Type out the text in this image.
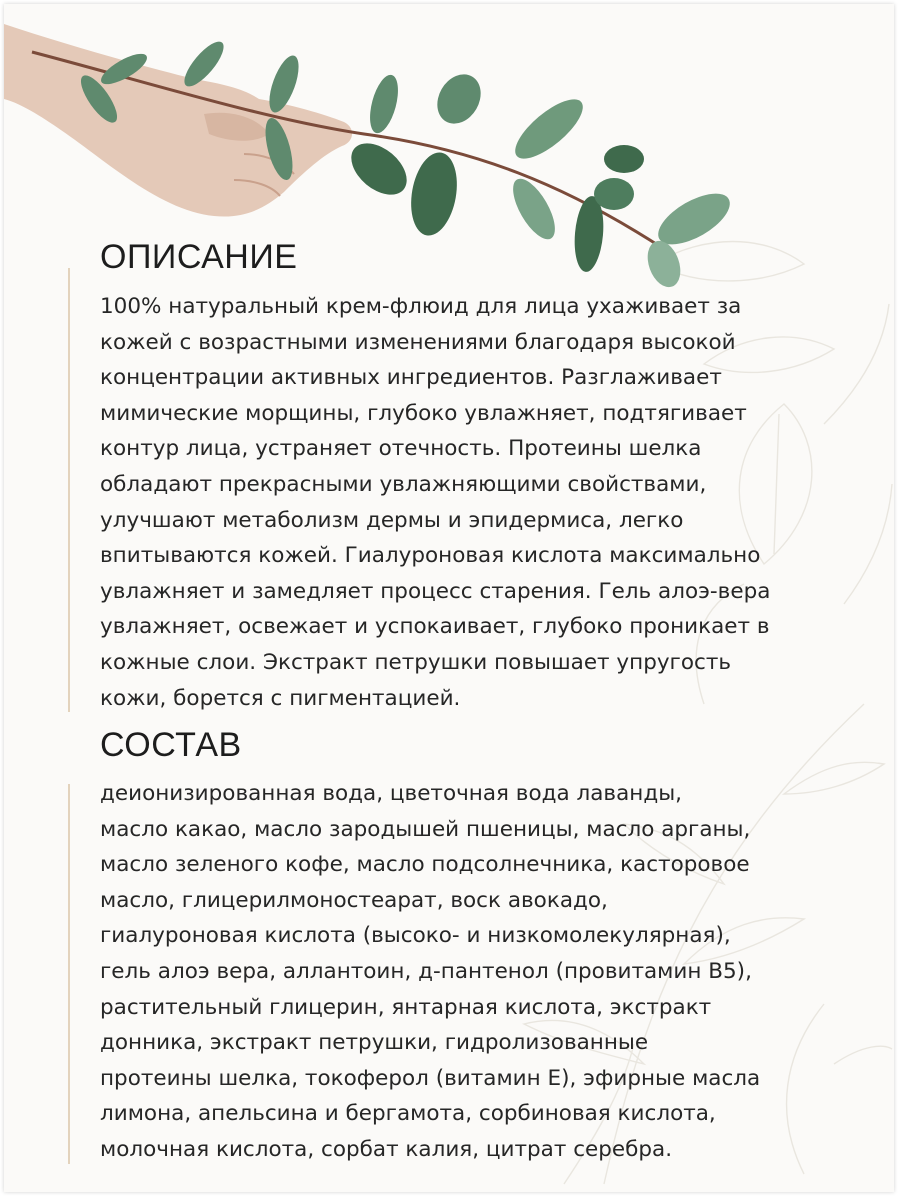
ОПИСАНИЕ

100% натуральный крем-флюид для лица ухаживает за
кожей с возрастными изменениями благодаря высокой
концентрации активных ингредиентов. Разглаживает
мимические морщины, глубоко увлажняет, подтягивает
контур лица, устраняет отечность. Протеины шелка
обладают прекрасными увлажняющими свойствами,
улучшают метаболизм дермы и эпидермиса, легко
впитываются кожей. Гиалуроновая кислота максимально
увлажняет и замедляет процесс старения. Гель алоэ-вера
увлажняет, освежает и успокаивает, глубоко проникает в
кожные слои. Экстракт петрушки повышает упругость
кожи, борется с пигментацией.

СОСТАВ

деионизированная вода, цветочная вода лаванды,
масло какао, масло зародышей пшеницы, масло арганы,
масло зеленого кофе, масло подсолнечника, касторовое
масло, глицерилмоностеарат, воск авокадо,
гиалуроновая кислота (высоко- и низкомолекулярная),
гель алоэ вера, аллантоин, д-пантенол (провитамин В5),
растительный глицерин, янтарная кислота, экстракт
донника, экстракт петрушки, гидролизованные
протеины шелка, токоферол (витамин Е), эфирные масла
лимона, апельсина и бергамота, сорбиновая кислота,
молочная кислота, сорбат калия, цитрат серебра.
